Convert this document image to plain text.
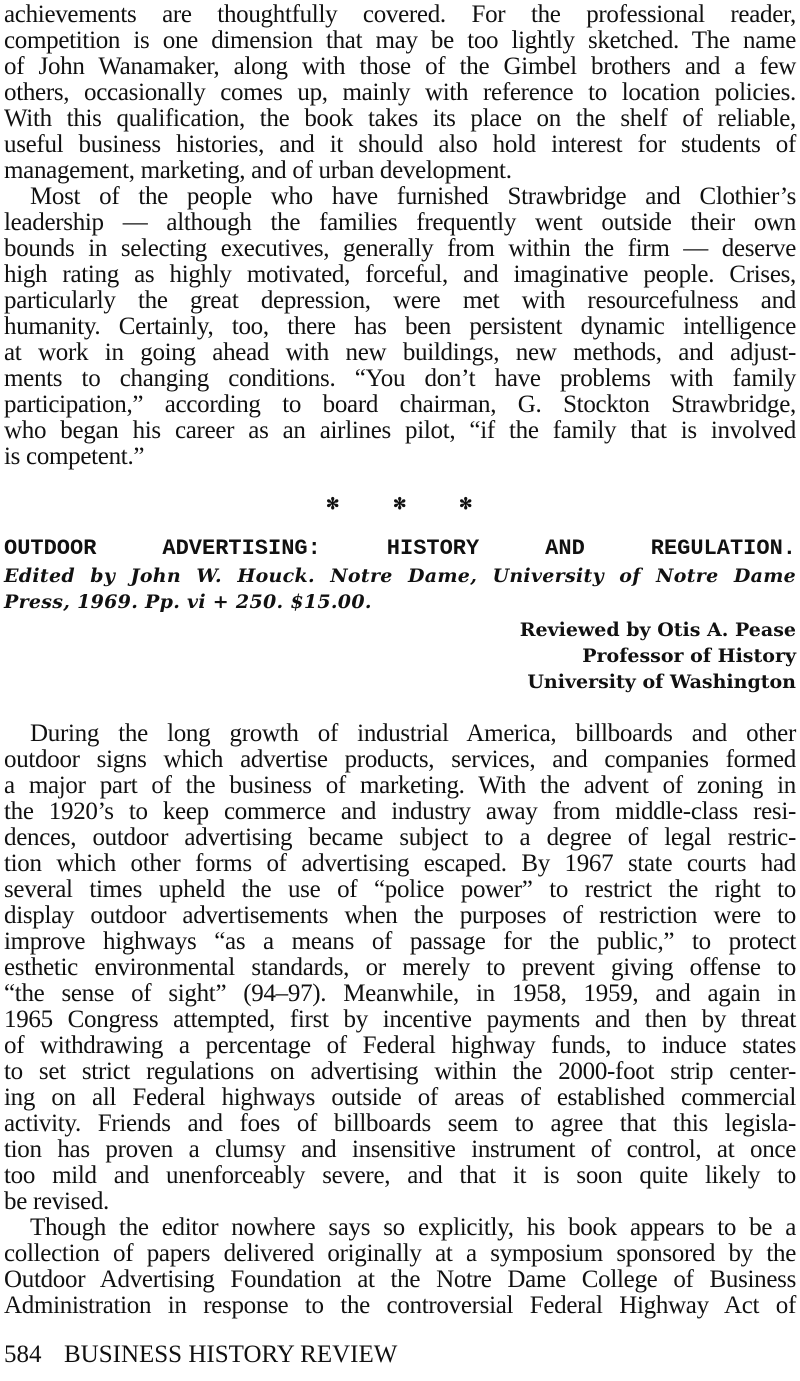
achievements are thoughtfully covered. For the professional reader,
competition is one dimension that may be too lightly sketched. The name
of John Wanamaker, along with those of the Gimbel brothers and a few
others, occasionally comes up, mainly with reference to location policies.
With this qualification, the book takes its place on the shelf of reliable,
useful business histories, and it should also hold interest for students of
management, marketing, and of urban development.
Most of the people who have furnished Strawbridge and Clothier’s
leadership — although the families frequently went outside their own
bounds in selecting executives, generally from within the firm — deserve
high rating as highly motivated, forceful, and imaginative people. Crises,
particularly the great depression, were met with resourcefulness and
humanity. Certainly, too, there has been persistent dynamic intelligence
at work in going ahead with new buildings, new methods, and adjust-
ments to changing conditions. “You don’t have problems with family
participation,” according to board chairman, G. Stockton Strawbridge,
who began his career as an airlines pilot, “if the family that is involved
is competent.”
✻	✻	✻
OUTDOOR ADVERTISING: HISTORY AND REGULATION.
Edited by John W. Houck. Notre Dame, University of Notre Dame
Press, 1969. Pp. vi + 250. $15.00.
Reviewed by Otis A. Pease
Professor of History
University of Washington
During the long growth of industrial America, billboards and other
outdoor signs which advertise products, services, and companies formed
a major part of the business of marketing. With the advent of zoning in
the 1920’s to keep commerce and industry away from middle-class resi-
dences, outdoor advertising became subject to a degree of legal restric-
tion which other forms of advertising escaped. By 1967 state courts had
several times upheld the use of “police power” to restrict the right to
display outdoor advertisements when the purposes of restriction were to
improve highways “as a means of passage for the public,” to protect
esthetic environmental standards, or merely to prevent giving offense to
“the sense of sight” (94–97). Meanwhile, in 1958, 1959, and again in
1965 Congress attempted, first by incentive payments and then by threat
of withdrawing a percentage of Federal highway funds, to induce states
to set strict regulations on advertising within the 2000-foot strip center-
ing on all Federal highways outside of areas of established commercial
activity. Friends and foes of billboards seem to agree that this legisla-
tion has proven a clumsy and insensitive instrument of control, at once
too mild and unenforceably severe, and that it is soon quite likely to
be revised.
Though the editor nowhere says so explicitly, his book appears to be a
collection of papers delivered originally at a symposium sponsored by the
Outdoor Advertising Foundation at the Notre Dame College of Business
Administration in response to the controversial Federal Highway Act of
584 BUSINESS HISTORY REVIEW
